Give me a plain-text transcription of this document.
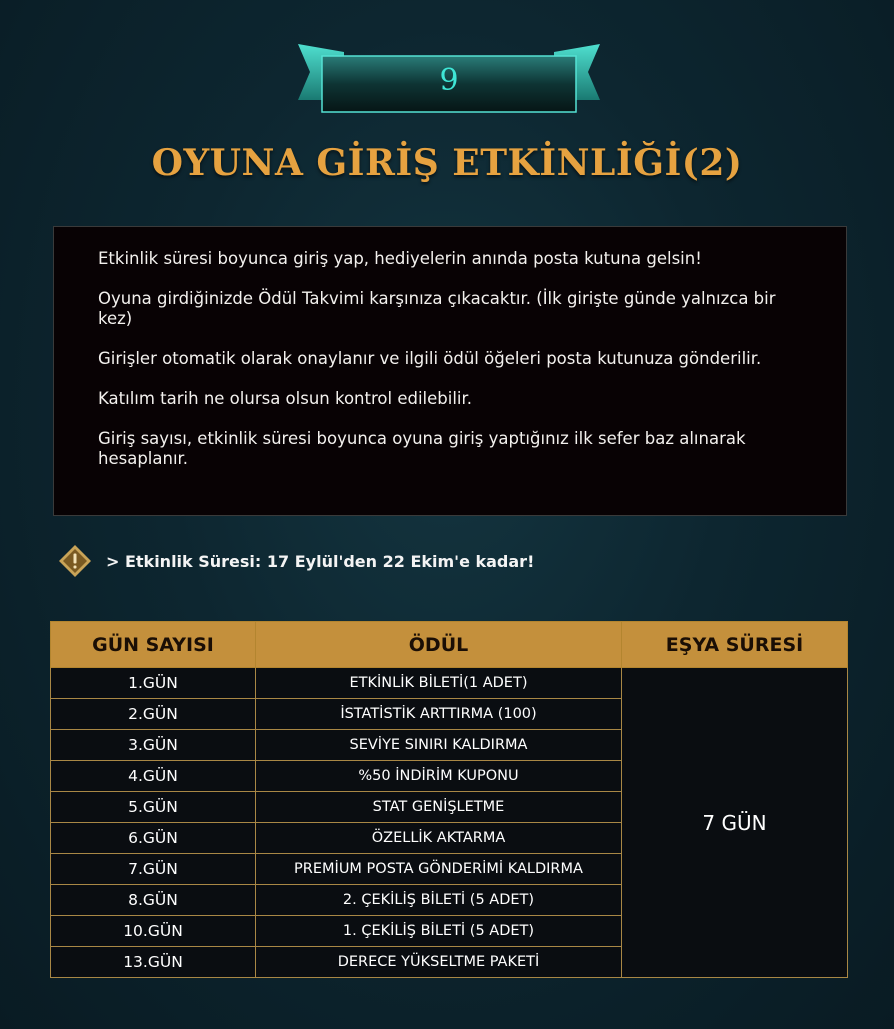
9
OYUNA GİRİŞ ETKİNLİĞİ(2)

Etkinlik süresi boyunca giriş yap, hediyelerin anında posta kutuna gelsin!

Oyuna girdiğinizde Ödül Takvimi karşınıza çıkacaktır. (İlk girişte günde yalnızca bir kez)

Girişler otomatik olarak onaylanır ve ilgili ödül öğeleri posta kutunuza gönderilir.

Katılım tarih ne olursa olsun kontrol edilebilir.

Giriş sayısı, etkinlik süresi boyunca oyuna giriş yaptığınız ilk sefer baz alınarak hesaplanır.

> Etkinlik Süresi: 17 Eylül'den 22 Ekim'e kadar!
GÜN SAYISI	ÖDÜL	EŞYA SÜRESİ
1.GÜN	ETKİNLİK BİLETİ(1 ADET)	7 GÜN
2.GÜN	İSTATİSTİK ARTTIRMA (100)	
3.GÜN	SEVİYE SINIRI KALDIRMA	
4.GÜN	%50 İNDİRİM KUPONU	
5.GÜN	STAT GENİŞLETME	
6.GÜN	ÖZELLİK AKTARMA	
7.GÜN	PREMİUM POSTA GÖNDERİMİ KALDIRMA	
8.GÜN	2. ÇEKİLİŞ BİLETİ (5 ADET)	
10.GÜN	1. ÇEKİLİŞ BİLETİ (5 ADET)	
13.GÜN	DERECE YÜKSELTME PAKETİ	
